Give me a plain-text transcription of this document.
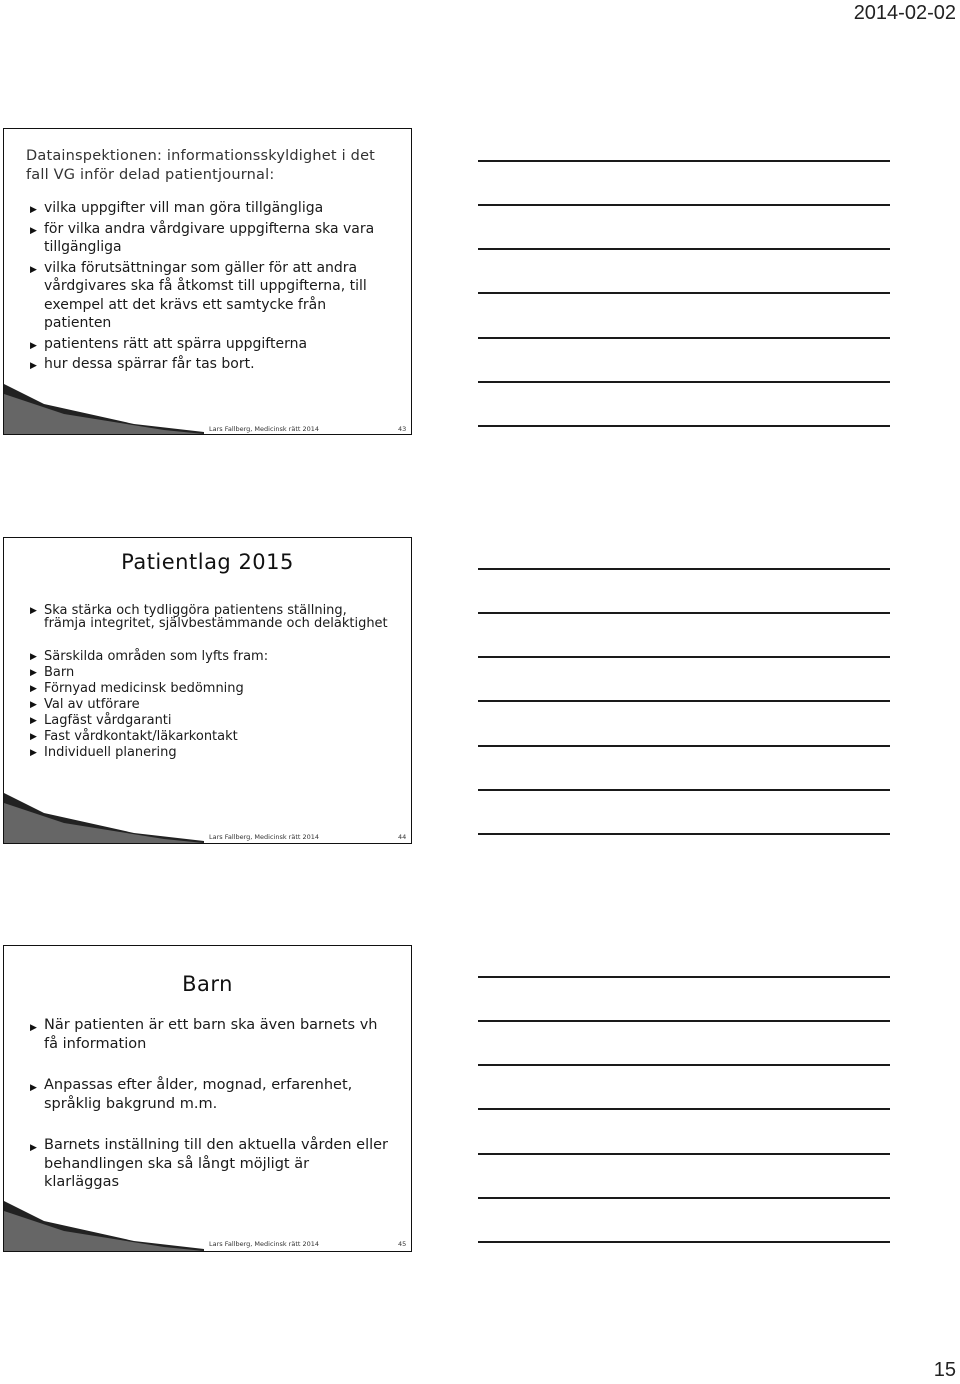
2014-02-02
Datainspektionen: informationsskyldighet i det fall VG inför delad patientjournal:
▶ vilka uppgifter vill man göra tillgängliga
▶ för vilka andra vårdgivare uppgifterna ska vara tillgängliga
▶ vilka förutsättningar som gäller för att andra vårdgivares ska få åtkomst till uppgifterna, till exempel att det krävs ett samtycke från patienten
▶ patientens rätt att spärra uppgifterna
▶ hur dessa spärrar får tas bort.
Lars Fallberg, Medicinsk rätt 2014	43
Patientlag 2015
▶ Ska stärka och tydliggöra patientens ställning, främja integritet, självbestämmande och delaktighet
▶ Särskilda områden som lyfts fram:
▶ Barn
▶ Förnyad medicinsk bedömning
▶ Val av utförare
▶ Lagfäst vårdgaranti
▶ Fast vårdkontakt/läkarkontakt
▶ Individuell planering
Lars Fallberg, Medicinsk rätt 2014	44
Barn
▶ När patienten är ett barn ska även barnets vh få information
▶ Anpassas efter ålder, mognad, erfarenhet, språklig bakgrund m.m.
▶ Barnets inställning till den aktuella vården eller behandlingen ska så långt möjligt är klarläggas
Lars Fallberg, Medicinsk rätt 2014	45
15
